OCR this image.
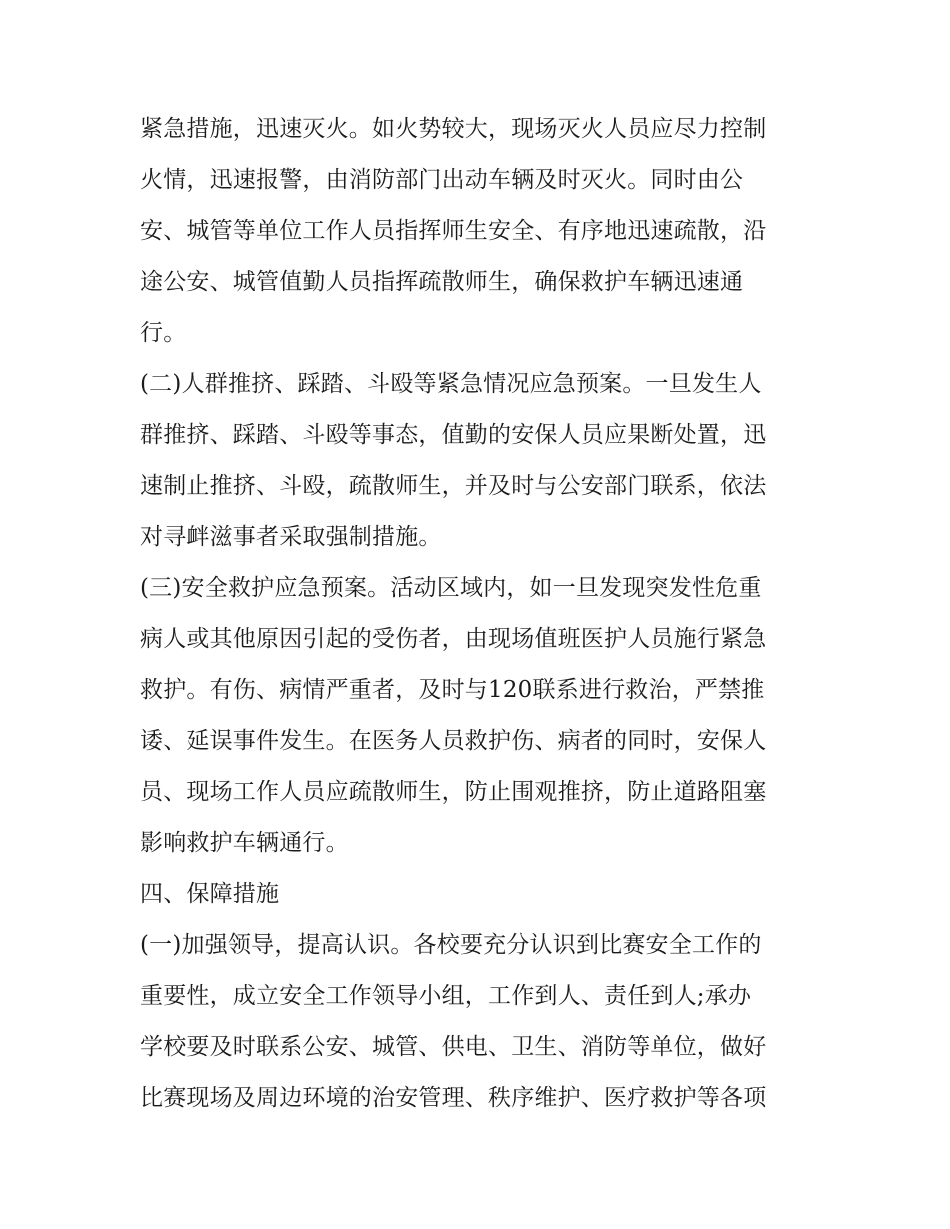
紧急措施，迅速灭火。如火势较大，现场灭火人员应尽力控制
火情，迅速报警，由消防部门出动车辆及时灭火。同时由公
安、城管等单位工作人员指挥师生安全、有序地迅速疏散，沿
途公安、城管值勤人员指挥疏散师生，确保救护车辆迅速通
行。
(二)人群推挤、踩踏、斗殴等紧急情况应急预案。一旦发生人
群推挤、踩踏、斗殴等事态，值勤的安保人员应果断处置，迅
速制止推挤、斗殴，疏散师生，并及时与公安部门联系，依法
对寻衅滋事者采取强制措施。
(三)安全救护应急预案。活动区域内，如一旦发现突发性危重
病人或其他原因引起的受伤者，由现场值班医护人员施行紧急
救护。有伤、病情严重者，及时与120联系进行救治，严禁推
诿、延误事件发生。在医务人员救护伤、病者的同时，安保人
员、现场工作人员应疏散师生，防止围观推挤，防止道路阻塞
影响救护车辆通行。
四、保障措施
(一)加强领导，提高认识。各校要充分认识到比赛安全工作的
重要性，成立安全工作领导小组，工作到人、责任到人;承办
学校要及时联系公安、城管、供电、卫生、消防等单位，做好
比赛现场及周边环境的治安管理、秩序维护、医疗救护等各项
